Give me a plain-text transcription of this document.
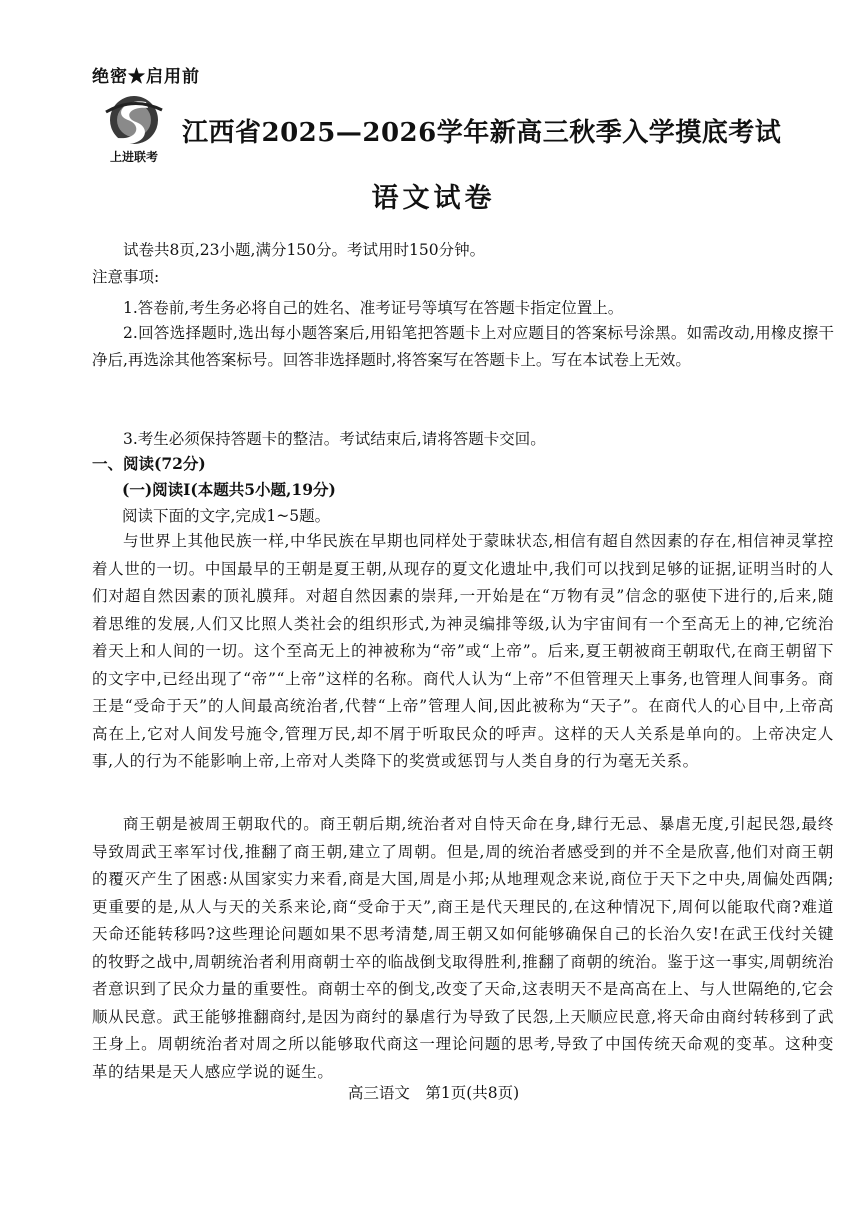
绝密★启用前
上进联考
江西省2025—2026学年新高三秋季入学摸底考试
语文试卷
试卷共8页,23小题,满分150分。考试用时150分钟。
注意事项:
1.答卷前,考生务必将自己的姓名、准考证号等填写在答题卡指定位置上。
2.回答选择题时,选出每小题答案后,用铅笔把答题卡上对应题目的答案标号涂黑。如需改动,用橡皮擦干净后,再选涂其他答案标号。回答非选择题时,将答案写在答题卡上。写在本试卷上无效。
3.考生必须保持答题卡的整洁。考试结束后,请将答题卡交回。
一、阅读(72分)
(一)阅读Ⅰ(本题共5小题,19分)
阅读下面的文字,完成1~5题。
与世界上其他民族一样,中华民族在早期也同样处于蒙昧状态,相信有超自然因素的存在,相信神灵掌控着人世的一切。中国最早的王朝是夏王朝,从现存的夏文化遗址中,我们可以找到足够的证据,证明当时的人们对超自然因素的顶礼膜拜。对超自然因素的崇拜,一开始是在“万物有灵”信念的驱使下进行的,后来,随着思维的发展,人们又比照人类社会的组织形式,为神灵编排等级,认为宇宙间有一个至高无上的神,它统治着天上和人间的一切。这个至高无上的神被称为“帝”或“上帝”。后来,夏王朝被商王朝取代,在商王朝留下的文字中,已经出现了“帝”“上帝”这样的名称。商代人认为“上帝”不但管理天上事务,也管理人间事务。商王是“受命于天”的人间最高统治者,代替“上帝”管理人间,因此被称为“天子”。在商代人的心目中,上帝高高在上,它对人间发号施令,管理万民,却不屑于听取民众的呼声。这样的天人关系是单向的。上帝决定人事,人的行为不能影响上帝,上帝对人类降下的奖赏或惩罚与人类自身的行为毫无关系。
商王朝是被周王朝取代的。商王朝后期,统治者对自恃天命在身,肆行无忌、暴虐无度,引起民怨,最终导致周武王率军讨伐,推翻了商王朝,建立了周朝。但是,周的统治者感受到的并不全是欣喜,他们对商王朝的覆灭产生了困惑:从国家实力来看,商是大国,周是小邦;从地理观念来说,商位于天下之中央,周偏处西隅;更重要的是,从人与天的关系来论,商“受命于天”,商王是代天理民的,在这种情况下,周何以能取代商?难道天命还能转移吗?这些理论问题如果不思考清楚,周王朝又如何能够确保自己的长治久安!在武王伐纣关键的牧野之战中,周朝统治者利用商朝士卒的临战倒戈取得胜利,推翻了商朝的统治。鉴于这一事实,周朝统治者意识到了民众力量的重要性。商朝士卒的倒戈,改变了天命,这表明天不是高高在上、与人世隔绝的,它会顺从民意。武王能够推翻商纣,是因为商纣的暴虐行为导致了民怨,上天顺应民意,将天命由商纣转移到了武王身上。周朝统治者对周之所以能够取代商这一理论问题的思考,导致了中国传统天命观的变革。这种变革的结果是天人感应学说的诞生。
高三语文　第1页(共8页)
